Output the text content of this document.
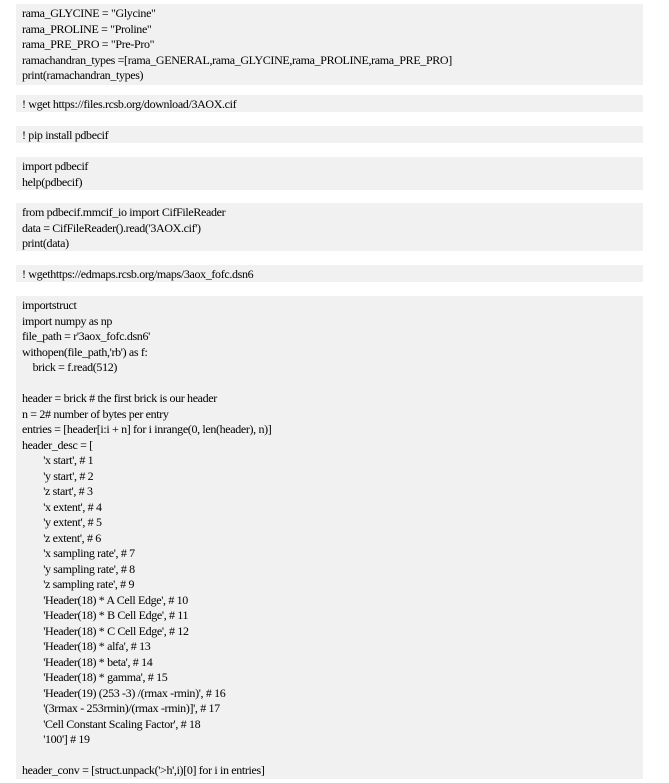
rama_GLYCINE = "Glycine"
rama_PROLINE = "Proline"
rama_PRE_PRO = "Pre-Pro"
ramachandran_types =[rama_GENERAL,rama_GLYCINE,rama_PROLINE,rama_PRE_PRO]
print(ramachandran_types)
! wget https://files.rcsb.org/download/3AOX.cif
! pip install pdbecif
import pdbecif
help(pdbecif)
from pdbecif.mmcif_io import CifFileReader
data = CifFileReader().read('3AOX.cif')
print(data)
! wgethttps://edmaps.rcsb.org/maps/3aox_fofc.dsn6
importstruct
import numpy as np
file_path = r'3aox_fofc.dsn6'
withopen(file_path,'rb') as f:
brick = f.read(512)
header = brick # the first brick is our header
n = 2# number of bytes per entry
entries = [header[i:i + n] for i inrange(0, len(header), n)]
header_desc = [
'x start', # 1
'y start', # 2
'z start', # 3
'x extent', # 4
'y extent', # 5
'z extent', # 6
'x sampling rate', # 7
'y sampling rate', # 8
'z sampling rate', # 9
'Header(18) * A Cell Edge', # 10
'Header(18) * B Cell Edge', # 11
'Header(18) * C Cell Edge', # 12
'Header(18) * alfa', # 13
'Header(18) * beta', # 14
'Header(18) * gamma', # 15
'Header(19) (253 -3) /(rmax -rmin)', # 16
'(3rmax - 253rmin)/(rmax -rmin)]', # 17
'Cell Constant Scaling Factor', # 18
'100'] # 19
header_conv = [struct.unpack('>h',i)[0] for i in entries]
